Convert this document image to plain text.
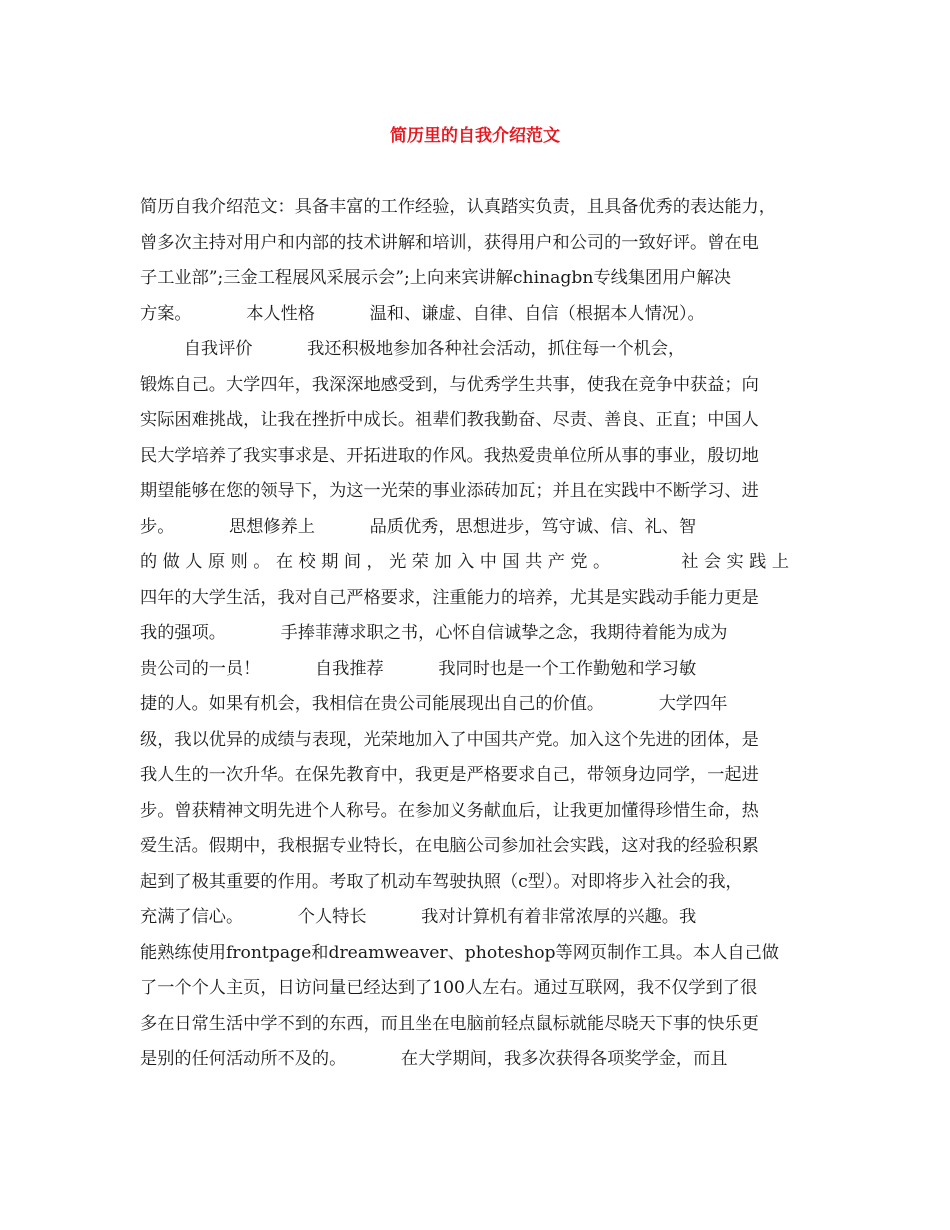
简历里的自我介绍范文
简历自我介绍范文：具备丰富的工作经验，认真踏实负责，且具备优秀的表达能力，
曾多次主持对用户和内部的技术讲解和培训，获得用户和公司的一致好评。曾在电
子工业部”;三金工程展风采展示会”;上向来宾讲解chinagbn专线集团用户解决
方案。          本人性格          温和、谦虚、自律、自信（根据本人情况）。
自我评价          我还积极地参加各种社会活动，抓住每一个机会，
锻炼自己。大学四年，我深深地感受到，与优秀学生共事，使我在竞争中获益；向
实际困难挑战，让我在挫折中成长。祖辈们教我勤奋、尽责、善良、正直；中国人
民大学培养了我实事求是、开拓进取的作风。我热爱贵单位所从事的事业，殷切地
期望能够在您的领导下，为这一光荣的事业添砖加瓦；并且在实践中不断学习、进
步。          思想修养上          品质优秀，思想进步，笃守诚、信、礼、智
的 做 人 原 则 。 在 校 期 间 ， 光 荣 加 入 中 国 共 产 党 。             社 会 实 践 上
四年的大学生活，我对自己严格要求，注重能力的培养，尤其是实践动手能力更是
我的强项。          手捧菲薄求职之书，心怀自信诚挚之念，我期待着能为成为
贵公司的一员！          自我推荐          我同时也是一个工作勤勉和学习敏
捷的人。如果有机会，我相信在贵公司能展现出自己的价值。          大学四年
级，我以优异的成绩与表现，光荣地加入了中国共产党。加入这个先进的团体，是
我人生的一次升华。在保先教育中，我更是严格要求自己，带领身边同学，一起进
步。曾获精神文明先进个人称号。在参加义务献血后，让我更加懂得珍惜生命，热
爱生活。假期中，我根据专业特长，在电脑公司参加社会实践，这对我的经验积累
起到了极其重要的作用。考取了机动车驾驶执照（c型）。对即将步入社会的我，
充满了信心。          个人特长          我对计算机有着非常浓厚的兴趣。我
能熟练使用frontpage和dreamweaver、photeshop等网页制作工具。本人自己做
了一个个人主页，日访问量已经达到了100人左右。通过互联网，我不仅学到了很
多在日常生活中学不到的东西，而且坐在电脑前轻点鼠标就能尽晓天下事的快乐更
是别的任何活动所不及的。          在大学期间，我多次获得各项奖学金，而且
